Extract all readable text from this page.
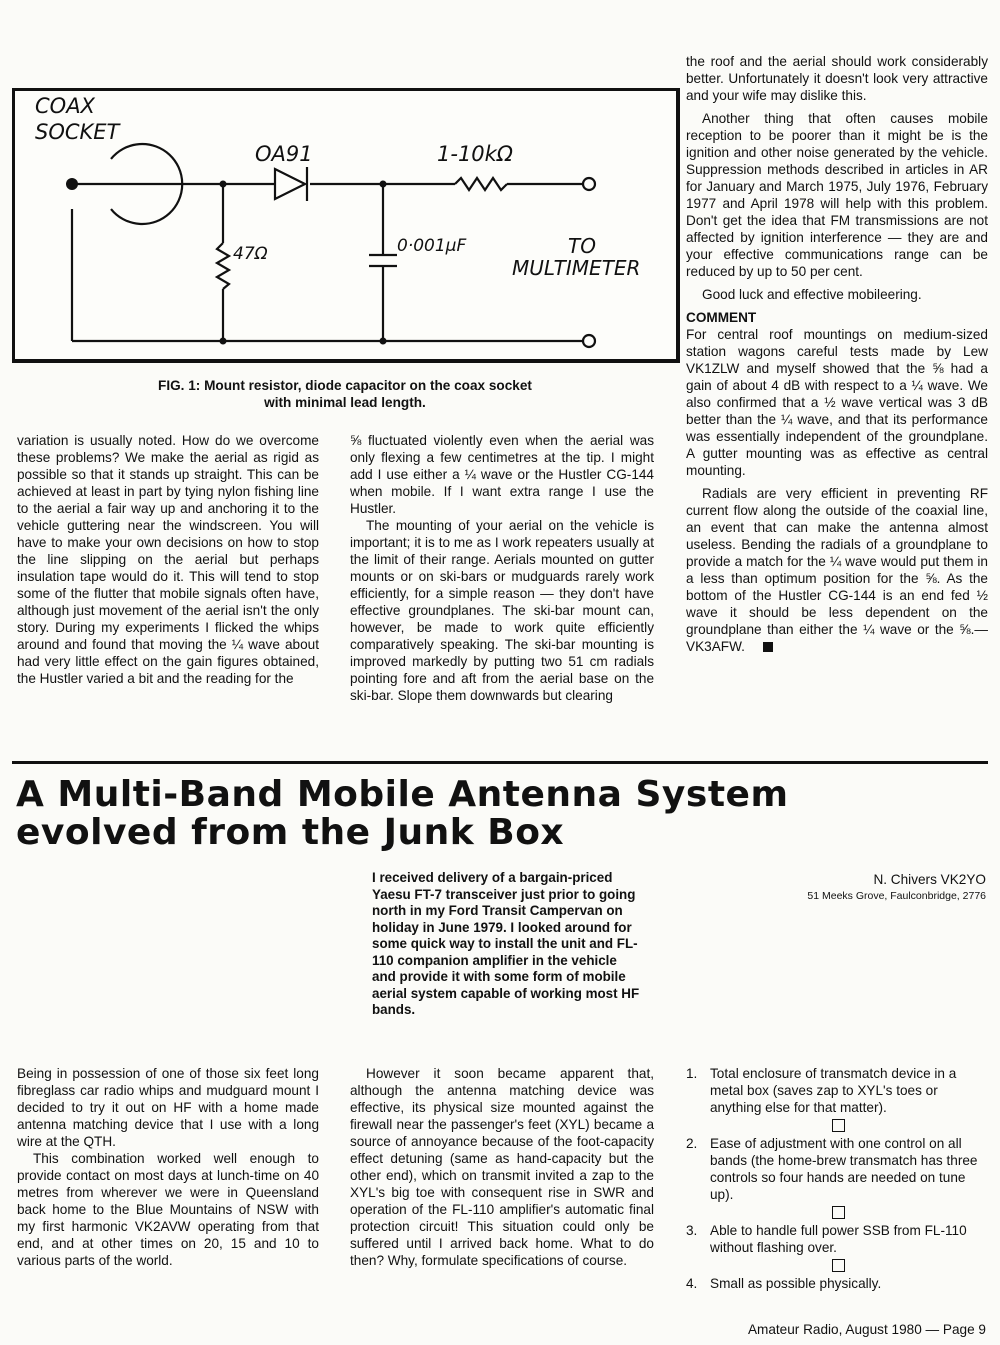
COAX
SOCKET
OA91	1-10kΩ
47Ω	0·001µF	TO
MULTIMETER
FIG. 1: Mount resistor, diode capacitor on the coax socket with minimal lead length.

variation is usually noted. How do we overcome these problems? We make the aerial as rigid as possible so that it stands up straight. This can be achieved at least in part by tying nylon fishing line to the aerial a fair way up and anchoring it to the vehicle guttering near the windscreen. You will have to make your own decisions on how to stop the line slipping on the aerial but perhaps insulation tape would do it. This will tend to stop some of the flutter that mobile signals often have, although just movement of the aerial isn't the only story. During my experiments I flicked the whips around and found that moving the ¼ wave about had very little effect on the gain figures obtained, the Hustler varied a bit and the reading for the

⅝ fluctuated violently even when the aerial was only flexing a few centimetres at the tip. I might add I use either a ¼ wave or the Hustler CG-144 when mobile. If I want extra range I use the Hustler.

The mounting of your aerial on the vehicle is important; it is to me as I work repeaters usually at the limit of their range. Aerials mounted on gutter mounts or on ski-bars or mudguards rarely work efficiently, for a simple reason — they don't have effective groundplanes. The ski-bar mount can, however, be made to work quite efficiently comparatively speaking. The ski-bar mounting is improved markedly by putting two 51 cm radials pointing fore and aft from the aerial base on the ski-bar. Slope them downwards but clearing

the roof and the aerial should work considerably better. Unfortunately it doesn't look very attractive and your wife may dislike this.

Another thing that often causes mobile reception to be poorer than it might be is the ignition and other noise generated by the vehicle. Suppression methods described in articles in AR for January and March 1975, July 1976, February 1977 and April 1978 will help with this problem. Don't get the idea that FM transmissions are not affected by ignition interference — they are and your effective communications range can be reduced by up to 50 per cent.

Good luck and effective mobileering.

COMMENT

For central roof mountings on medium-sized station wagons careful tests made by Lew VK1ZLW and myself showed that the ⅝ had a gain of about 4 dB with respect to a ¼ wave. We also confirmed that a ½ wave vertical was 3 dB better than the ¼ wave, and that its performance was essentially independent of the groundplane. A gutter mounting was as effective as central mounting.

Radials are very efficient in preventing RF current flow along the outside of the coaxial line, an event that can make the antenna almost useless. Bending the radials of a groundplane to provide a match for the ¼ wave would put them in a less than optimum position for the ⅝. As the bottom of the Hustler CG-144 is an end fed ½ wave it should be less dependent on the groundplane than either the ¼ wave or the ⅝.—VK3AFW.

A Multi-Band Mobile Antenna System
evolved from the Junk Box
I received delivery of a bargain-priced Yaesu FT-7 transceiver just prior to going north in my Ford Transit Campervan on holiday in June 1979. I looked around for some quick way to install the unit and FL-110 companion amplifier in the vehicle and provide it with some form of mobile aerial system capable of working most HF bands.
N. Chivers VK2YO
51 Meeks Grove, Faulconbridge, 2776

Being in possession of one of those six feet long fibreglass car radio whips and mudguard mount I decided to try it out on HF with a home made antenna matching device that I use with a long wire at the QTH.

This combination worked well enough to provide contact on most days at lunch-time on 40 metres from wherever we were in Queensland back home to the Blue Mountains of NSW with my first harmonic VK2AVW operating from that end, and at other times on 20, 15 and 10 to various parts of the world.

However it soon became apparent that, although the antenna matching device was effective, its physical size mounted against the firewall near the passenger's feet (XYL) became a source of annoyance because of the foot-capacity effect detuning (same as hand-capacity but the other end), which on transmit invited a zap to the XYL's big toe with consequent rise in SWR and operation of the FL-110 amplifier's automatic final protection circuit! This situation could only be suffered until I arrived back home. What to do then? Why, formulate specifications of course.

1. Total enclosure of transmatch device in a metal box (saves zap to XYL's toes or anything else for that matter).
2. Ease of adjustment with one control on all bands (the home-brew transmatch has three controls so four hands are needed on tune up).
3. Able to handle full power SSB from FL-110 without flashing over.
4. Small as possible physically.
Amateur Radio, August 1980 — Page 9
